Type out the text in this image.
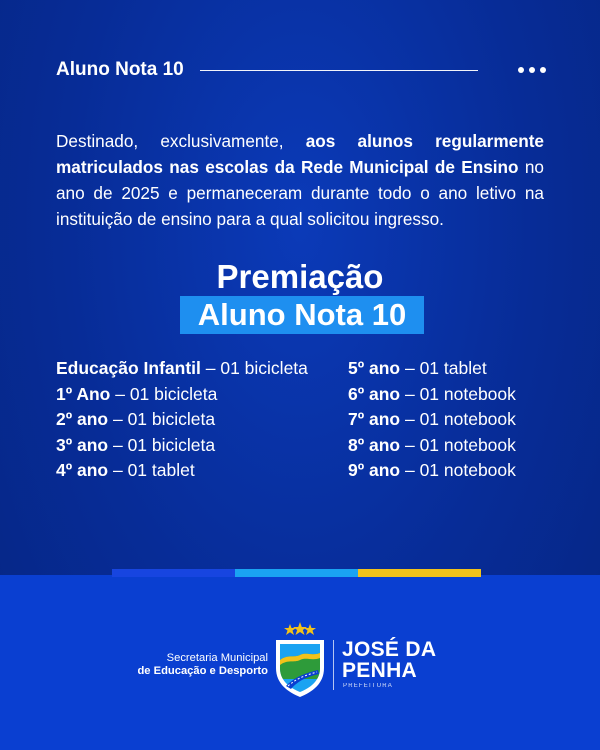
Aluno Nota 10

Destinado, exclusivamente, aos alunos regularmente matriculados nas escolas da Rede Municipal de Ensino no ano de 2025 e permaneceram durante todo o ano letivo na instituição de ensino para a qual solicitou ingresso.

Premiação
Aluno Nota 10
Educação Infantil – 01 bicicleta
1º Ano – 01 bicicleta
2º ano – 01 bicicleta
3º ano – 01 bicicleta
4º ano – 01 tablet
5º ano – 01 tablet
6º ano – 01 notebook
7º ano – 01 notebook
8º ano – 01 notebook
9º ano – 01 notebook
Secretaria Municipal
de Educação e Desporto
JOSÉ DA
PENHA
PREFEITURA
